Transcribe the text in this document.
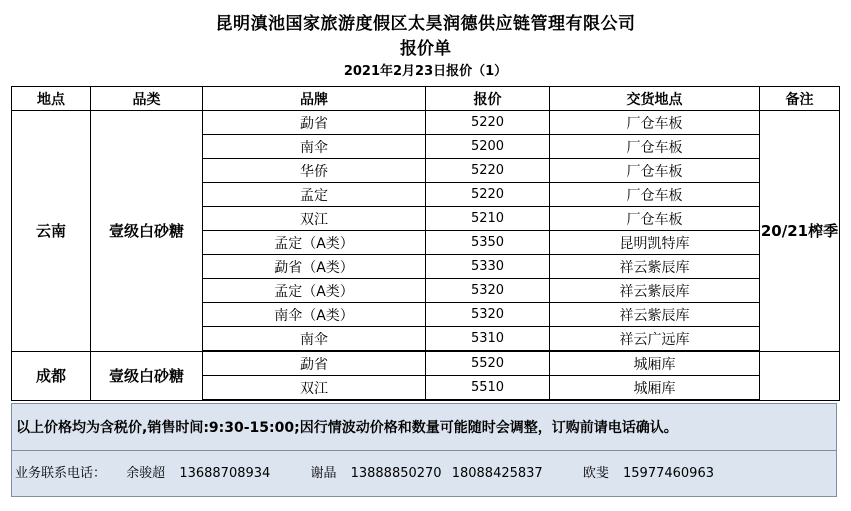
昆明滇池国家旅游度假区太昊润德供应链管理有限公司
报价单
2021年2月23日报价（1）
地点	品类	品牌	报价	交货地点	备注
云南	壹级白砂糖	勐省	5220	厂仓车板	20/21榨季
		南伞	5200	厂仓车板	
		华侨	5220	厂仓车板	
		孟定	5220	厂仓车板	
		双江	5210	厂仓车板	
		孟定（A类）	5350	昆明凯特库	
		勐省（A类）	5330	祥云紫辰库	
		孟定（A类）	5320	祥云紫辰库	
		南伞（A类）	5320	祥云紫辰库	
		南伞	5310	祥云广远库	
成都	壹级白砂糖	勐省	5520	城厢库	
		双江	5510	城厢库	
以上价格均为含税价,销售时间:9:30-15:00;因行情波动价格和数量可能随时会调整，订购前请电话确认。
业务联系电话： 余骏超 13688708934	谢晶 13888850270 18088425837	欧斐 15977460963
